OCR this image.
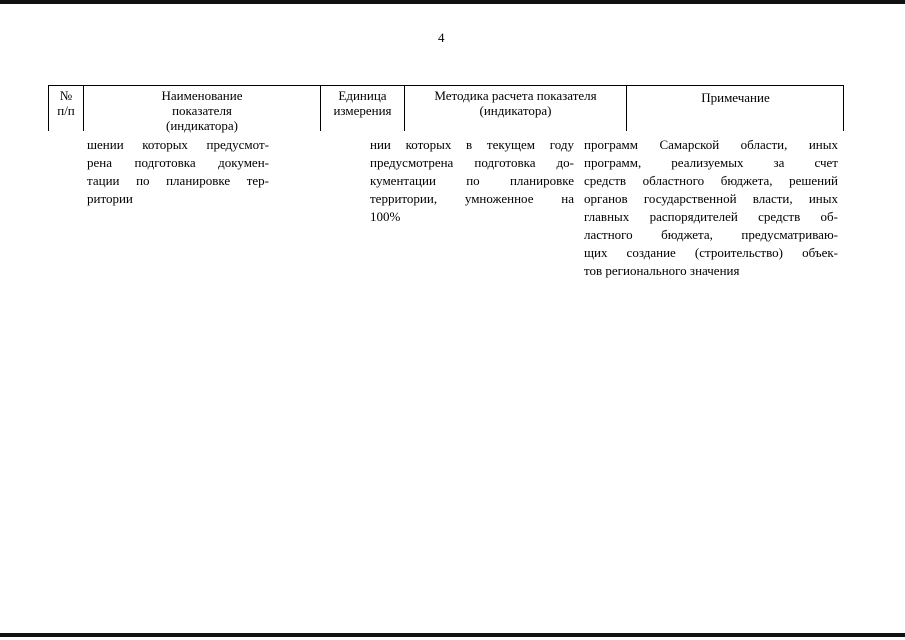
4
№
п/п
Наименование
показателя
(индикатора)
Единица
измерения
Методика расчета показателя
(индикатора)
Примечание
шении которых предусмот-
рена подготовка докумен-
тации по планировке тер-
ритории
нии которых в текущем году
предусмотрена подготовка до-
кументации по планировке
территории, умноженное на
100%
программ Самарской области, иных
программ, реализуемых за счет
средств областного бюджета, решений
органов государственной власти, иных
главных распорядителей средств об-
ластного бюджета, предусматриваю-
щих создание (строительство) объек-
тов регионального значения
